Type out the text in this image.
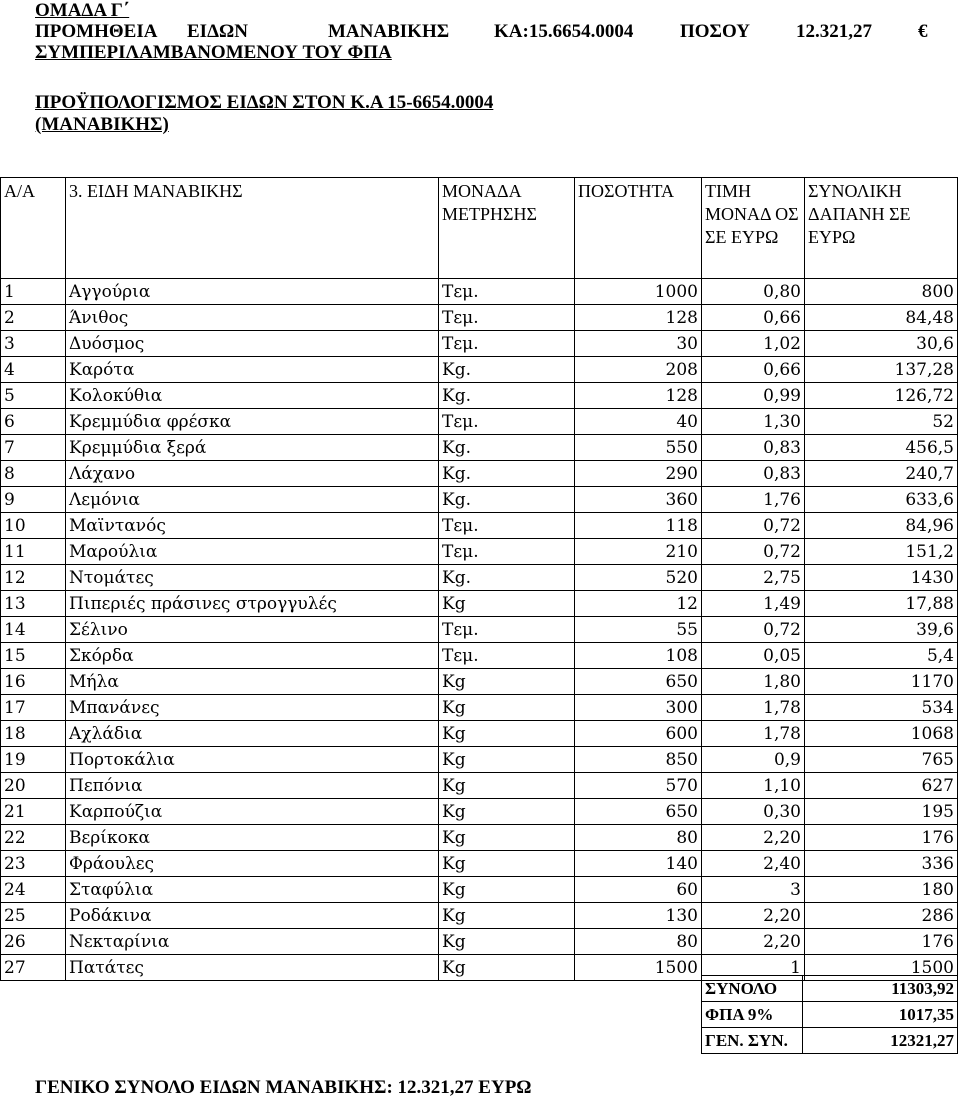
ΟΜΑΔΑ Γ΄
ΠΡΟΜΗΘΕΙΑ ΕΙΔΩΝ	ΜΑΝΑΒΙΚΗΣ ΚΑ:15.6654.0004 ΠΟΣΟΥ 12.321,27 €
ΣΥΜΠΕΡΙΛΑΜΒΑΝΟΜΕΝΟΥ ΤΟΥ ΦΠΑ
ΠΡΟΫΠΟΛΟΓΙΣΜΟΣ ΕΙΔΩΝ ΣΤΟΝ Κ.Α 15-6654.0004
(ΜΑΝΑΒΙΚΗΣ)
Α/Α	3. ΕΙΔΗ ΜΑΝΑΒΙΚΗΣ	ΜΟΝΑΔΑ ΜΕΤΡΗΣΗΣ	ΠΟΣΟΤΗΤΑ	ΤΙΜΗ ΜΟΝΑΔ ΟΣ ΣΕ ΕΥΡΩ	ΣΥΝΟΛΙΚΗ ΔΑΠΑΝΗ ΣΕ ΕΥΡΩ
1	Αγγούρια	Τεμ.	1000	0,80	800
2	Άνιθος	Τεμ.	128	0,66	84,48
3	Δυόσμος	Τεμ.	30	1,02	30,6
4	Καρότα	Kg.	208	0,66	137,28
5	Κολοκύθια	Kg.	128	0,99	126,72
6	Κρεμμύδια φρέσκα	Τεμ.	40	1,30	52
7	Κρεμμύδια ξερά	Kg.	550	0,83	456,5
8	Λάχανο	Kg.	290	0,83	240,7
9	Λεμόνια	Kg.	360	1,76	633,6
10	Μαϊντανός	Τεμ.	118	0,72	84,96
11	Μαρούλια	Τεμ.	210	0,72	151,2
12	Ντομάτες	Kg.	520	2,75	1430
13	Πιπεριές πράσινες στρογγυλές	Kg	12	1,49	17,88
14	Σέλινο	Τεμ.	55	0,72	39,6
15	Σκόρδα	Τεμ.	108	0,05	5,4
16	Μήλα	Kg	650	1,80	1170
17	Μπανάνες	Kg	300	1,78	534
18	Αχλάδια	Kg	600	1,78	1068
19	Πορτοκάλια	Kg	850	0,9	765
20	Πεπόνια	Kg	570	1,10	627
21	Καρπούζια	Kg	650	0,30	195
22	Βερίκοκα	Kg	80	2,20	176
23	Φράουλες	Kg	140	2,40	336
24	Σταφύλια	Kg	60	3	180
25	Ροδάκινα	Kg	130	2,20	286
26	Νεκταρίνια	Kg	80	2,20	176
27	Πατάτες	Kg	1500	1	1500
ΣΥΝΟΛΟ	11303,92
ΦΠΑ 9%	1017,35
ΓΕΝ. ΣΥΝ.	12321,27
ΓΕΝΙΚΟ ΣΥΝΟΛΟ ΕΙΔΩΝ ΜΑΝΑΒΙΚΗΣ: 12.321,27 ΕΥΡΩ
